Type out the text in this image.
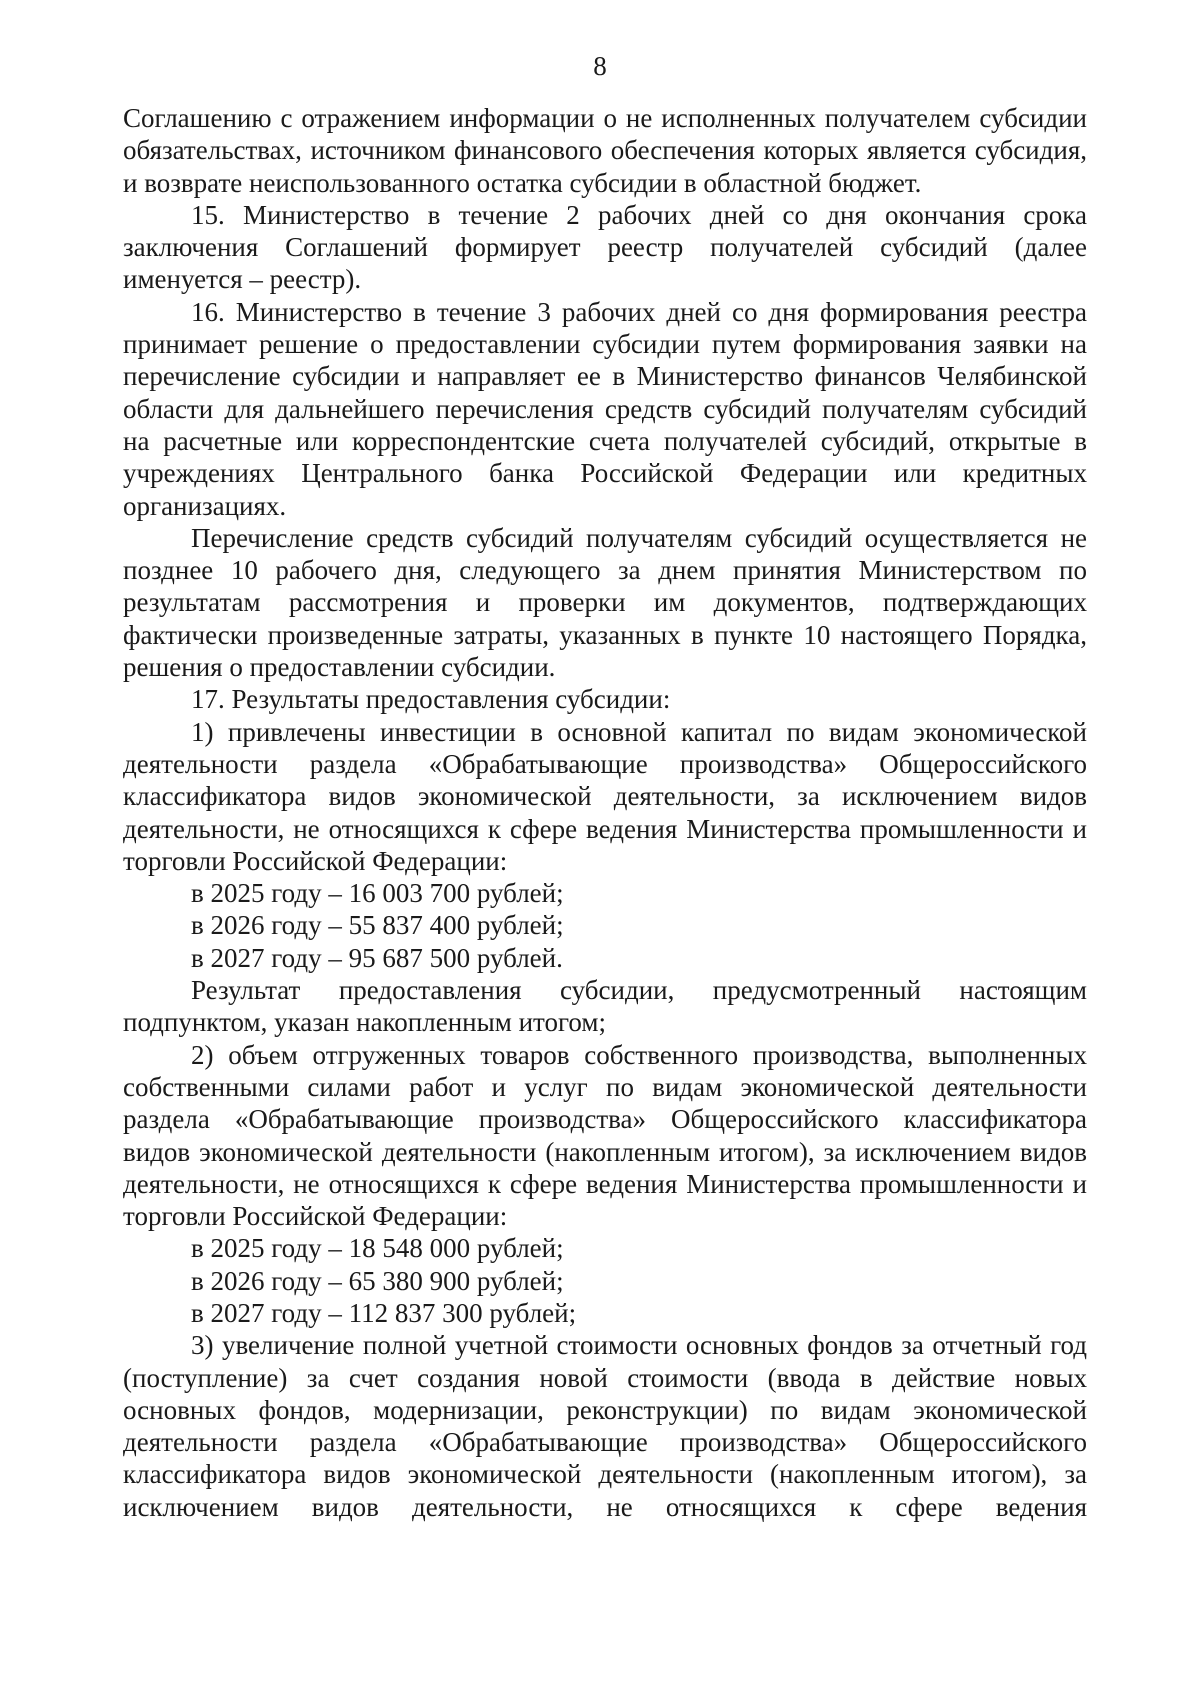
8

Соглашению с отражением информации о не исполненных получателем субсидии обязательствах, источником финансового обеспечения которых является субсидия, и возврате неиспользованного остатка субсидии в областной бюджет.

15. Министерство в течение 2 рабочих дней со дня окончания срока заключения Соглашений формирует реестр получателей субсидий (далее именуется – реестр).

16. Министерство в течение 3 рабочих дней со дня формирования реестра принимает решение о предоставлении субсидии путем формирования заявки на перечисление субсидии и направляет ее в Министерство финансов Челябинской области для дальнейшего перечисления средств субсидий получателям субсидий на расчетные или корреспондентские счета получателей субсидий, открытые в учреждениях Центрального банка Российской Федерации или кредитных организациях.

Перечисление средств субсидий получателям субсидий осуществляется не позднее 10 рабочего дня, следующего за днем принятия Министерством по результатам рассмотрения и проверки им документов, подтверждающих фактически произведенные затраты, указанных в пункте 10 настоящего Порядка, решения о предоставлении субсидии.

17. Результаты предоставления субсидии:

1) привлечены инвестиции в основной капитал по видам экономической деятельности раздела «Обрабатывающие производства» Общероссийского классификатора видов экономической деятельности, за исключением видов деятельности, не относящихся к сфере ведения Министерства промышленности и торговли Российской Федерации:

в 2025 году – 16 003 700 рублей;

в 2026 году – 55 837 400 рублей;

в 2027 году – 95 687 500 рублей.

Результат предоставления субсидии, предусмотренный настоящим подпунктом, указан накопленным итогом;

2) объем отгруженных товаров собственного производства, выполненных собственными силами работ и услуг по видам экономической деятельности раздела «Обрабатывающие производства» Общероссийского классификатора видов экономической деятельности (накопленным итогом), за исключением видов деятельности, не относящихся к сфере ведения Министерства промышленности и торговли Российской Федерации:

в 2025 году – 18 548 000 рублей;

в 2026 году – 65 380 900 рублей;

в 2027 году – 112 837 300 рублей;

3) увеличение полной учетной стоимости основных фондов за отчетный год (поступление) за счет создания новой стоимости (ввода в действие новых основных фондов, модернизации, реконструкции) по видам экономической деятельности раздела «Обрабатывающие производства» Общероссийского классификатора видов экономической деятельности (накопленным итогом), за исключением видов деятельности, не относящихся к сфере ведения
